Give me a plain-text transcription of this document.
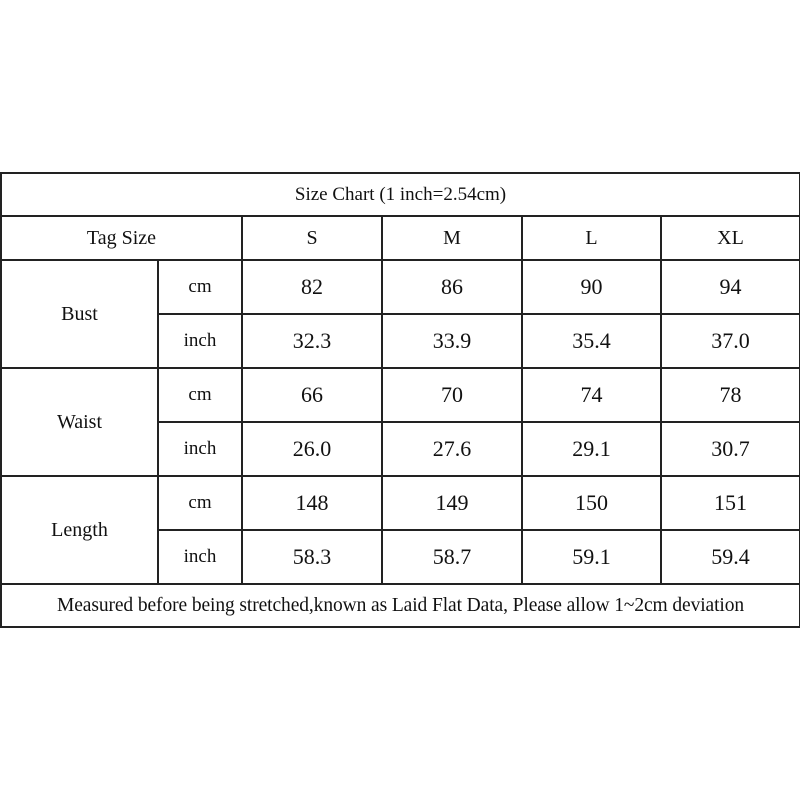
Size Chart (1 inch=2.54cm)					
Tag Size		S	M	L	XL
Bust	cm	82	86	90	94
	inch	32.3	33.9	35.4	37.0
Waist	cm	66	70	74	78
	inch	26.0	27.6	29.1	30.7
Length	cm	148	149	150	151
	inch	58.3	58.7	59.1	59.4
Measured before being stretched,known as Laid Flat Data, Please allow 1~2cm deviation					
